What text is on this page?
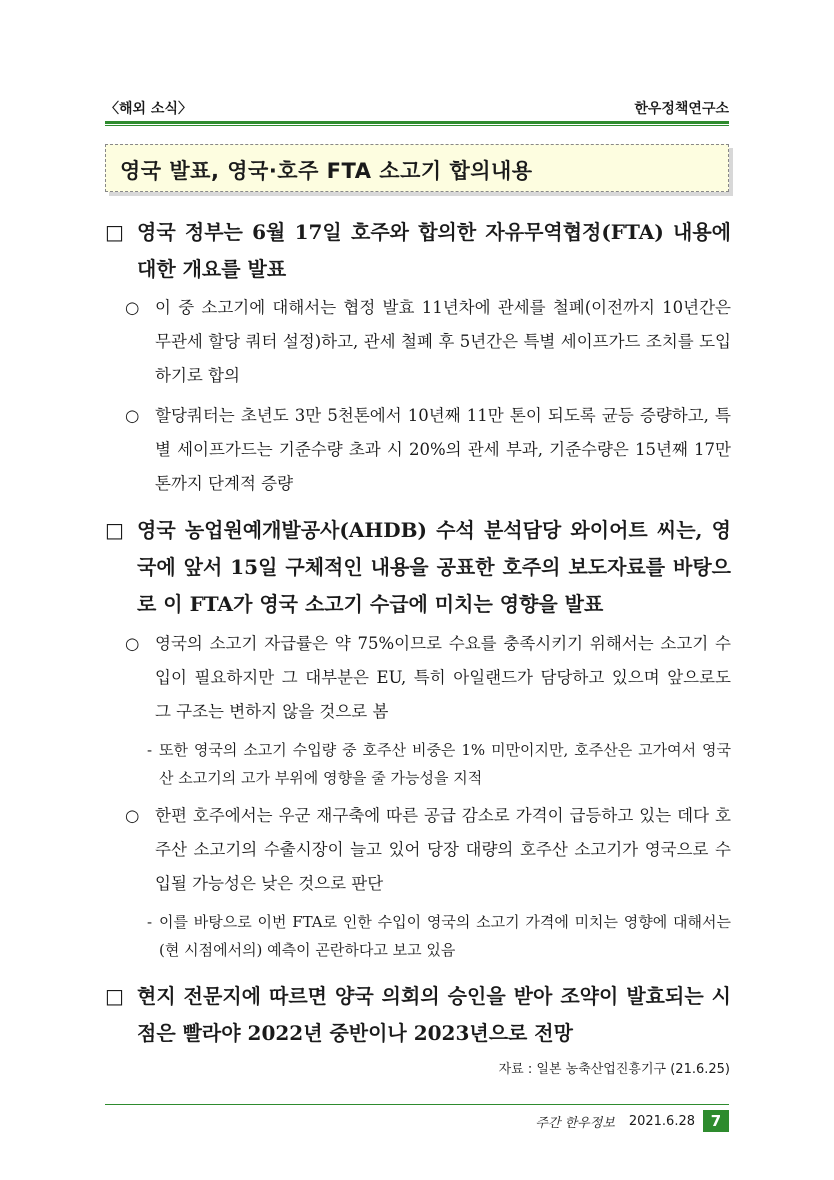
〈해외 소식〉	한우정책연구소
영국 발표, 영국·호주 FTA 소고기 합의내용
□ 영국 정부는 6월 17일 호주와 합의한 자유무역협정(FTA) 내용에 대한 개요를 발표
○ 이 중 소고기에 대해서는 협정 발효 11년차에 관세를 철폐(이전까지 10년간은 무관세 할당 쿼터 설정)하고, 관세 철폐 후 5년간은 특별 세이프가드 조치를 도입하기로 합의
○ 할당쿼터는 초년도 3만 5천톤에서 10년째 11만 톤이 되도록 균등 증량하고, 특별 세이프가드는 기준수량 초과 시 20%의 관세 부과, 기준수량은 15년째 17만 톤까지 단계적 증량
□ 영국 농업원예개발공사(AHDB) 수석 분석담당 와이어트 씨는, 영국에 앞서 15일 구체적인 내용을 공표한 호주의 보도자료를 바탕으로 이 FTA가 영국 소고기 수급에 미치는 영향을 발표
○ 영국의 소고기 자급률은 약 75%이므로 수요를 충족시키기 위해서는 소고기 수입이 필요하지만 그 대부분은 EU, 특히 아일랜드가 담당하고 있으며 앞으로도 그 구조는 변하지 않을 것으로 봄
- 또한 영국의 소고기 수입량 중 호주산 비중은 1% 미만이지만, 호주산은 고가여서 영국산 소고기의 고가 부위에 영향을 줄 가능성을 지적
○ 한편 호주에서는 우군 재구축에 따른 공급 감소로 가격이 급등하고 있는 데다 호주산 소고기의 수출시장이 늘고 있어 당장 대량의 호주산 소고기가 영국으로 수입될 가능성은 낮은 것으로 판단
- 이를 바탕으로 이번 FTA로 인한 수입이 영국의 소고기 가격에 미치는 영향에 대해서는 (현 시점에서의) 예측이 곤란하다고 보고 있음
□ 현지 전문지에 따르면 양국 의회의 승인을 받아 조약이 발효되는 시점은 빨라야 2022년 중반이나 2023년으로 전망
자료 : 일본 농축산업진흥기구 (21.6.25)
주간 한우정보 2021.6.28	7
